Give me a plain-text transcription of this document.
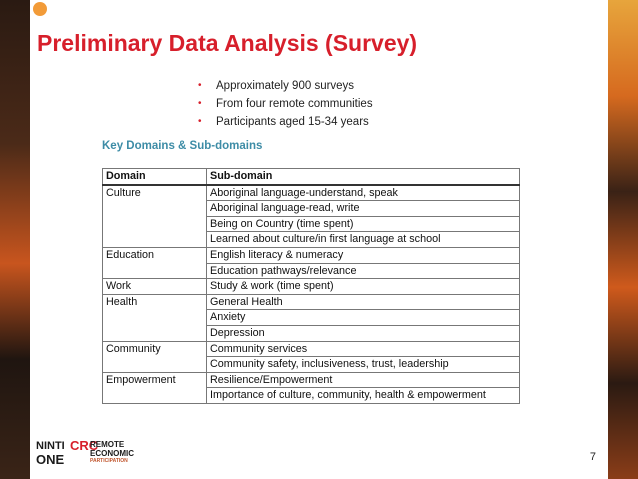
Preliminary Data Analysis (Survey)
• Approximately 900 surveys
• From four remote communities
• Participants aged 15-34 years
Key Domains & Sub-domains
Domain	Sub-domain
Culture	Aboriginal language-understand, speak
	Aboriginal language-read, write
	Being on Country (time spent)
	Learned about culture/in first language at school
Education	English literacy & numeracy
	Education pathways/relevance
Work	Study & work (time spent)
Health	General Health
	Anxiety
	Depression
Community	Community services
	Community safety, inclusiveness, trust, leadership
Empowerment	Resilience/Empowerment
	Importance of culture, community, health & empowerment
NINTI
ONE
CRC
REMOTE
ECONOMIC
PARTICIPATION	7
